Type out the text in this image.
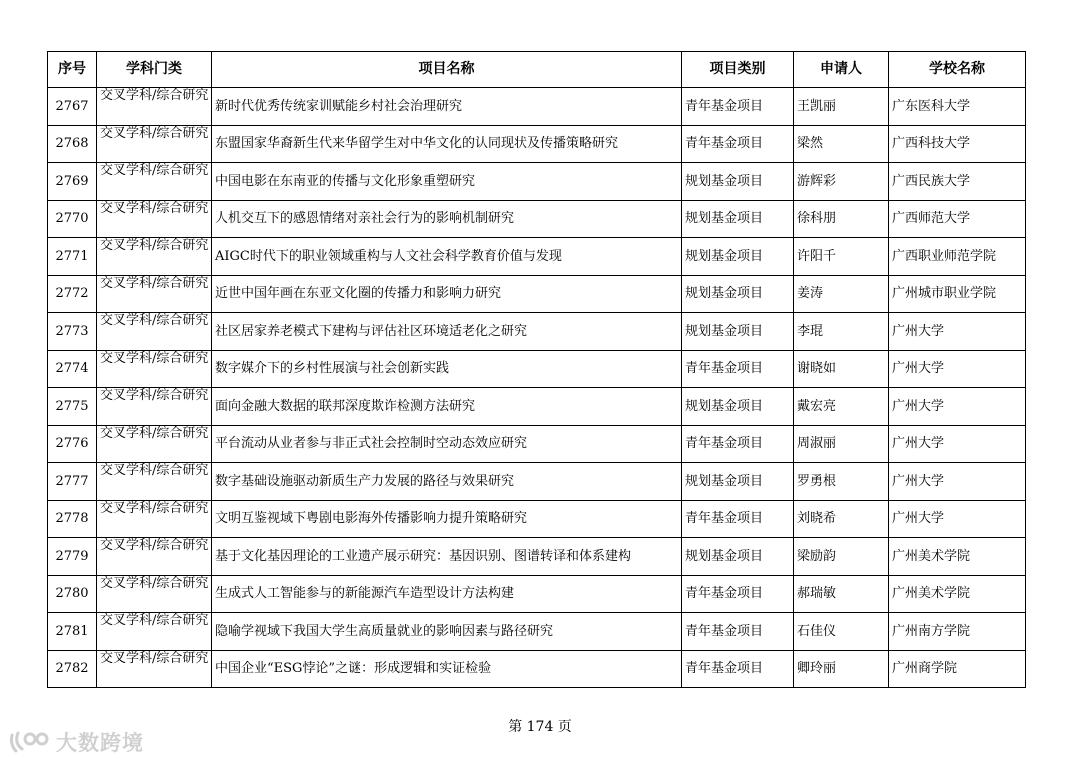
序号	学科门类	项目名称	项目类别	申请人	学校名称
2767	交叉学科/综合研究	新时代优秀传统家训赋能乡村社会治理研究	青年基金项目	王凯丽	广东医科大学
2768	交叉学科/综合研究	东盟国家华裔新生代来华留学生对中华文化的认同现状及传播策略研究	青年基金项目	梁然	广西科技大学
2769	交叉学科/综合研究	中国电影在东南亚的传播与文化形象重塑研究	规划基金项目	游辉彩	广西民族大学
2770	交叉学科/综合研究	人机交互下的感恩情绪对亲社会行为的影响机制研究	规划基金项目	徐科朋	广西师范大学
2771	交叉学科/综合研究	AIGC时代下的职业领域重构与人文社会科学教育价值与发现	规划基金项目	许阳千	广西职业师范学院
2772	交叉学科/综合研究	近世中国年画在东亚文化圈的传播力和影响力研究	规划基金项目	姜涛	广州城市职业学院
2773	交叉学科/综合研究	社区居家养老模式下建构与评估社区环境适老化之研究	规划基金项目	李琨	广州大学
2774	交叉学科/综合研究	数字媒介下的乡村性展演与社会创新实践	青年基金项目	谢晓如	广州大学
2775	交叉学科/综合研究	面向金融大数据的联邦深度欺诈检测方法研究	规划基金项目	戴宏亮	广州大学
2776	交叉学科/综合研究	平台流动从业者参与非正式社会控制时空动态效应研究	青年基金项目	周淑丽	广州大学
2777	交叉学科/综合研究	数字基础设施驱动新质生产力发展的路径与效果研究	规划基金项目	罗勇根	广州大学
2778	交叉学科/综合研究	文明互鉴视域下粤剧电影海外传播影响力提升策略研究	青年基金项目	刘晓希	广州大学
2779	交叉学科/综合研究	基于文化基因理论的工业遗产展示研究：基因识别、图谱转译和体系建构	规划基金项目	梁励韵	广州美术学院
2780	交叉学科/综合研究	生成式人工智能参与的新能源汽车造型设计方法构建	青年基金项目	郝瑞敏	广州美术学院
2781	交叉学科/综合研究	隐喻学视域下我国大学生高质量就业的影响因素与路径研究	青年基金项目	石佳仪	广州南方学院
2782	交叉学科/综合研究	中国企业“ESG悖论”之谜：形成逻辑和实证检验	青年基金项目	卿玲丽	广州商学院
第 174 页
大数跨境
